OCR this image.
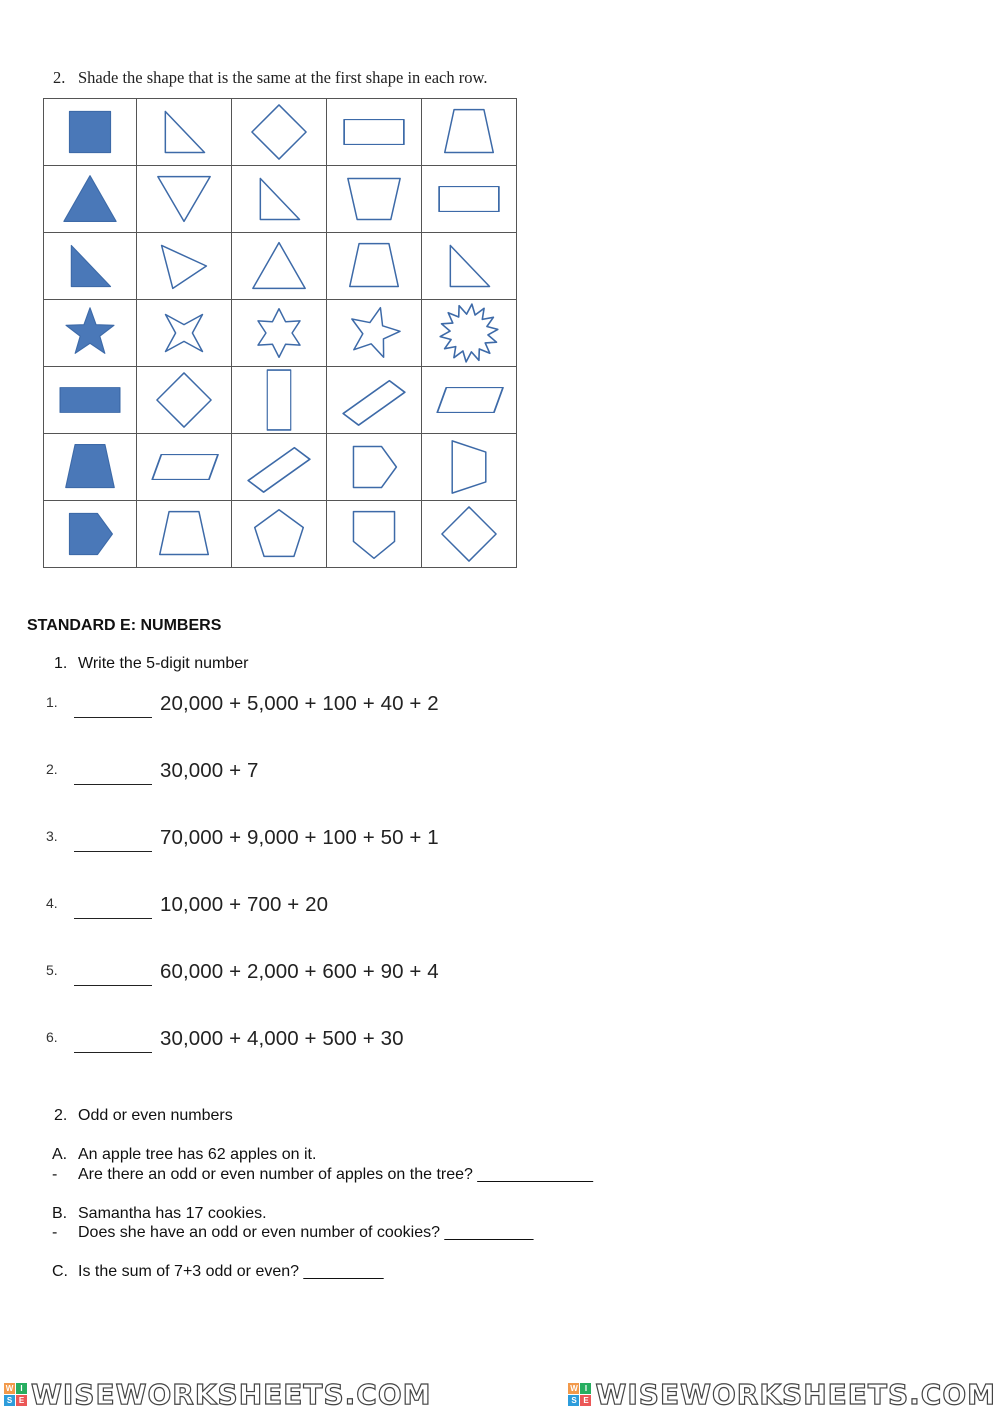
2. Shade the shape that is the same at the first shape in each row.

STANDARD E: NUMBERS
1. Write the 5-digit number
1.	20,000 + 5,000 + 100 + 40 + 2
2.	30,000 + 7
3.	70,000 + 9,000 + 100 + 50 + 1
4.	10,000 + 700 + 20
5.	60,000 + 2,000 + 600 + 90 + 4
6.	30,000 + 4,000 + 500 + 30
2. Odd or even numbers
A. An apple tree has 62 apples on it.
- Are there an odd or even number of apples on the tree? _____________
B. Samantha has 17 cookies.
- Does she have an odd or even number of cookies? __________
C. Is the sum of 7+3 odd or even? _________
W I
S E WISEWORKSHEETS.COM	W I
S E WISEWORKSHEETS.COM
